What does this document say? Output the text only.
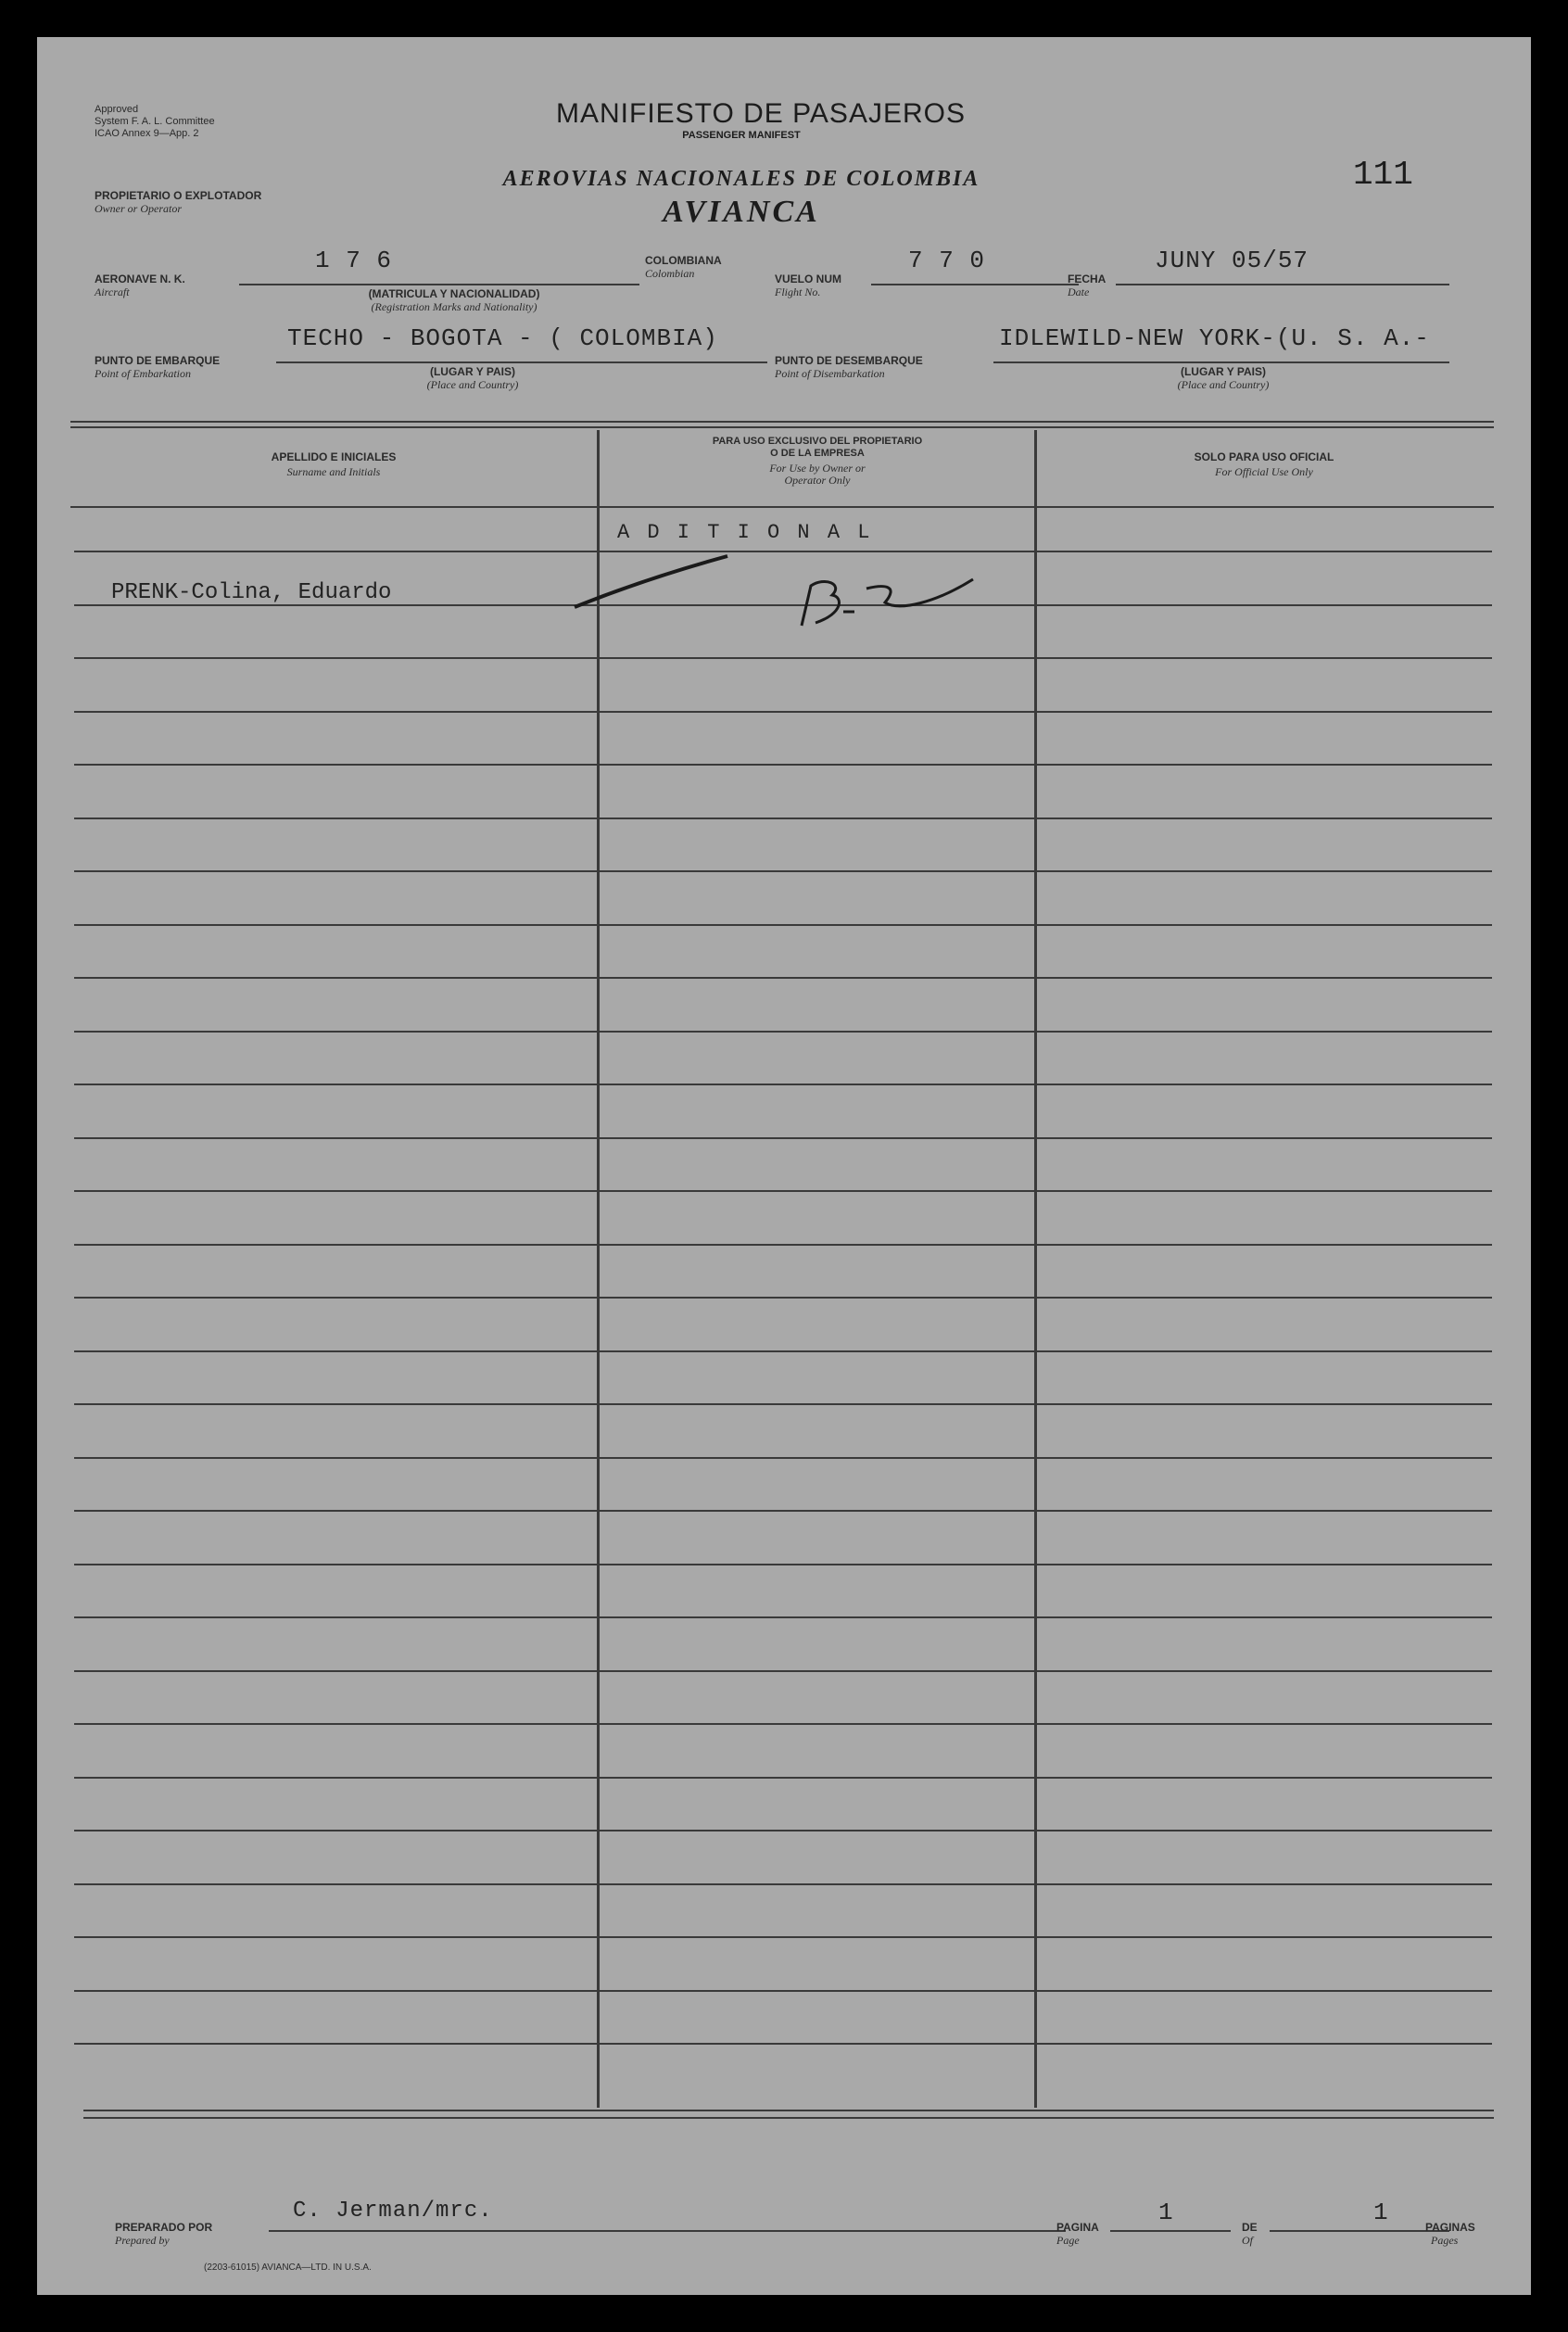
Approved
System F. A. L. Committee
ICAO Annex 9—App. 2
MANIFIESTO DE PASAJEROS
PASSENGER MANIFEST
AEROVIAS NACIONALES DE COLOMBIA
AVIANCA
111
PROPIETARIO O EXPLOTADOR
Owner or Operator
AERONAVE N. K.
Aircraft
1 7 6
(MATRICULA Y NACIONALIDAD)
(Registration Marks and Nationality)
COLOMBIANA
Colombian	VUELO NUM
Flight No.
7 7 0
FECHA
Date
JUNY 05/57
PUNTO DE EMBARQUE
Point of Embarkation
TECHO - BOGOTA - ( COLOMBIA)
(LUGAR Y PAIS)
(Place and Country)
PUNTO DE DESEMBARQUE
Point of Disembarkation
IDLEWILD-NEW YORK-(U. S. A.-
(LUGAR Y PAIS)
(Place and Country)
APELLIDO E INICIALES
Surname and Initials
PARA USO EXCLUSIVO DEL PROPIETARIO
O DE LA EMPRESA
For Use by Owner or
Operator Only
SOLO PARA USO OFICIAL
For Official Use Only
A D I T I O N A L
PRENK-Colina, Eduardo
PREPARADO POR
Prepared by
C. Jerman/mrc.
PAGINA
Page
1
DE
Of
1
PAGINAS
Pages
(2203-61015) AVIANCA—LTD. IN U.S.A.
